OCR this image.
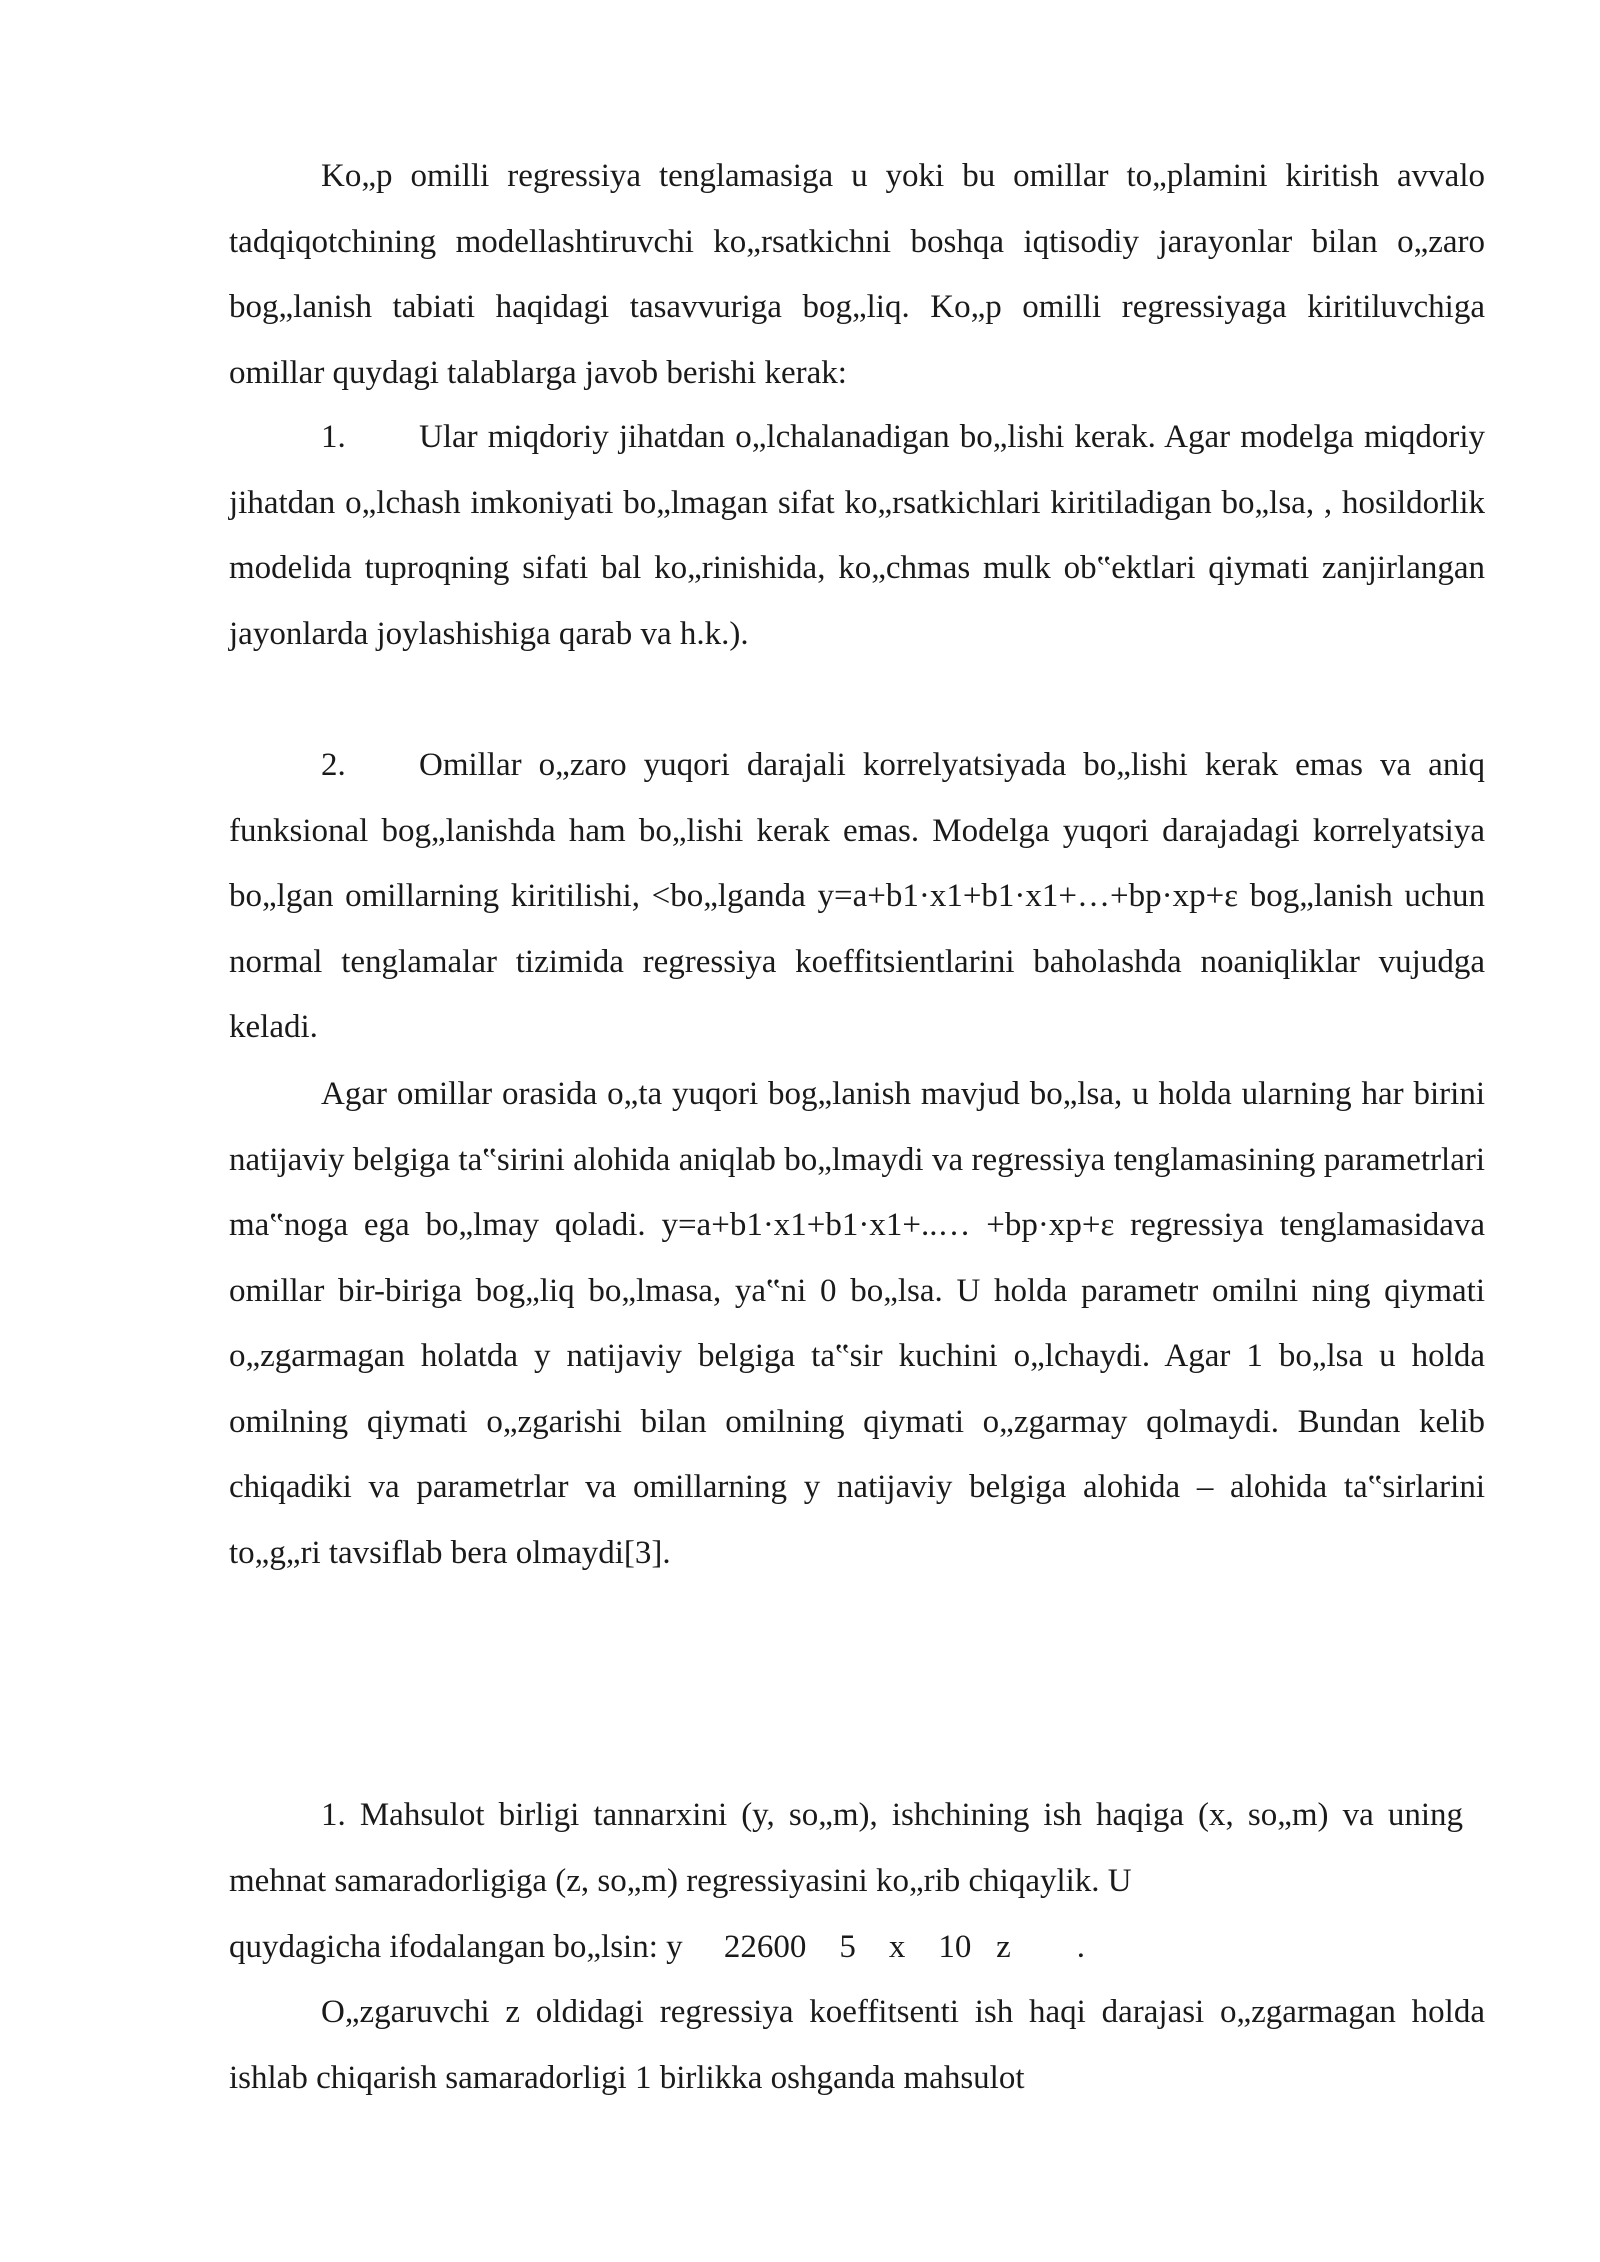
Ko„p omilli regressiya tenglamasiga u yoki bu omillar to„plamini kiritish avvalo tadqiqotchining modellashtiruvchi ko„rsatkichni boshqa iqtisodiy jarayonlar bilan o„zaro bog„lanish tabiati haqidagi tasavvuriga bog„liq. Ko„p omilli regressiyaga kiritiluvchiga omillar quydagi talablarga javob berishi kerak:

1. Ular miqdoriy jihatdan o„lchalanadigan bo„lishi kerak. Agar modelga miqdoriy jihatdan o„lchash imkoniyati bo„lmagan sifat ko„rsatkichlari kiritiladigan bo„lsa, , hosildorlik modelida tuproqning sifati bal ko„rinishida, ko„chmas mulk ob‟ektlari qiymati zanjirlangan jayonlarda joylashishiga qarab va h.k.).

2. Omillar o„zaro yuqori darajali korrelyatsiyada bo„lishi kerak emas va aniq funksional bog„lanishda ham bo„lishi kerak emas. Modelga yuqori darajadagi korrelyatsiya bo„lgan omillarning kiritilishi, <bo„lganda y=a+b1·x1+b1·x1+…+bp·xp+ε bog„lanish uchun normal tenglamalar tizimida regressiya koeffitsientlarini baholashda noaniqliklar vujudga keladi.

Agar omillar orasida o„ta yuqori bog„lanish mavjud bo„lsa, u holda ularning har birini natijaviy belgiga ta‟sirini alohida aniqlab bo„lmaydi va regressiya tenglamasining parametrlari ma‟noga ega bo„lmay qoladi. y=a+b1·x1+b1·x1+..… +bp·xp+ε regressiya tenglamasidava omillar bir-biriga bog„liq bo„lmasa, ya‟ni 0 bo„lsa. U holda parametr omilni ning qiymati o„zgarmagan holatda y natijaviy belgiga ta‟sir kuchini o„lchaydi. Agar 1 bo„lsa u holda omilning qiymati o„zgarishi bilan omilning qiymati o„zgarmay qolmaydi. Bundan kelib chiqadiki va parametrlar va omillarning y natijaviy belgiga alohida – alohida ta‟sirlarini to„g„ri tavsiflab bera olmaydi[3].

1. Mahsulot birligi tannarxini (y, so„m), ishchining ish haqiga (x, so„m) va uning mehnat samaradorligiga (z, so„m) regressiyasini ko„rib chiqaylik. U

quydagicha ifodalangan bo„lsin: y 22600 5 x 10 z .

O„zgaruvchi z oldidagi regressiya koeffitsenti ish haqi darajasi o„zgarmagan holda ishlab chiqarish samaradorligi 1 birlikka oshganda mahsulot
